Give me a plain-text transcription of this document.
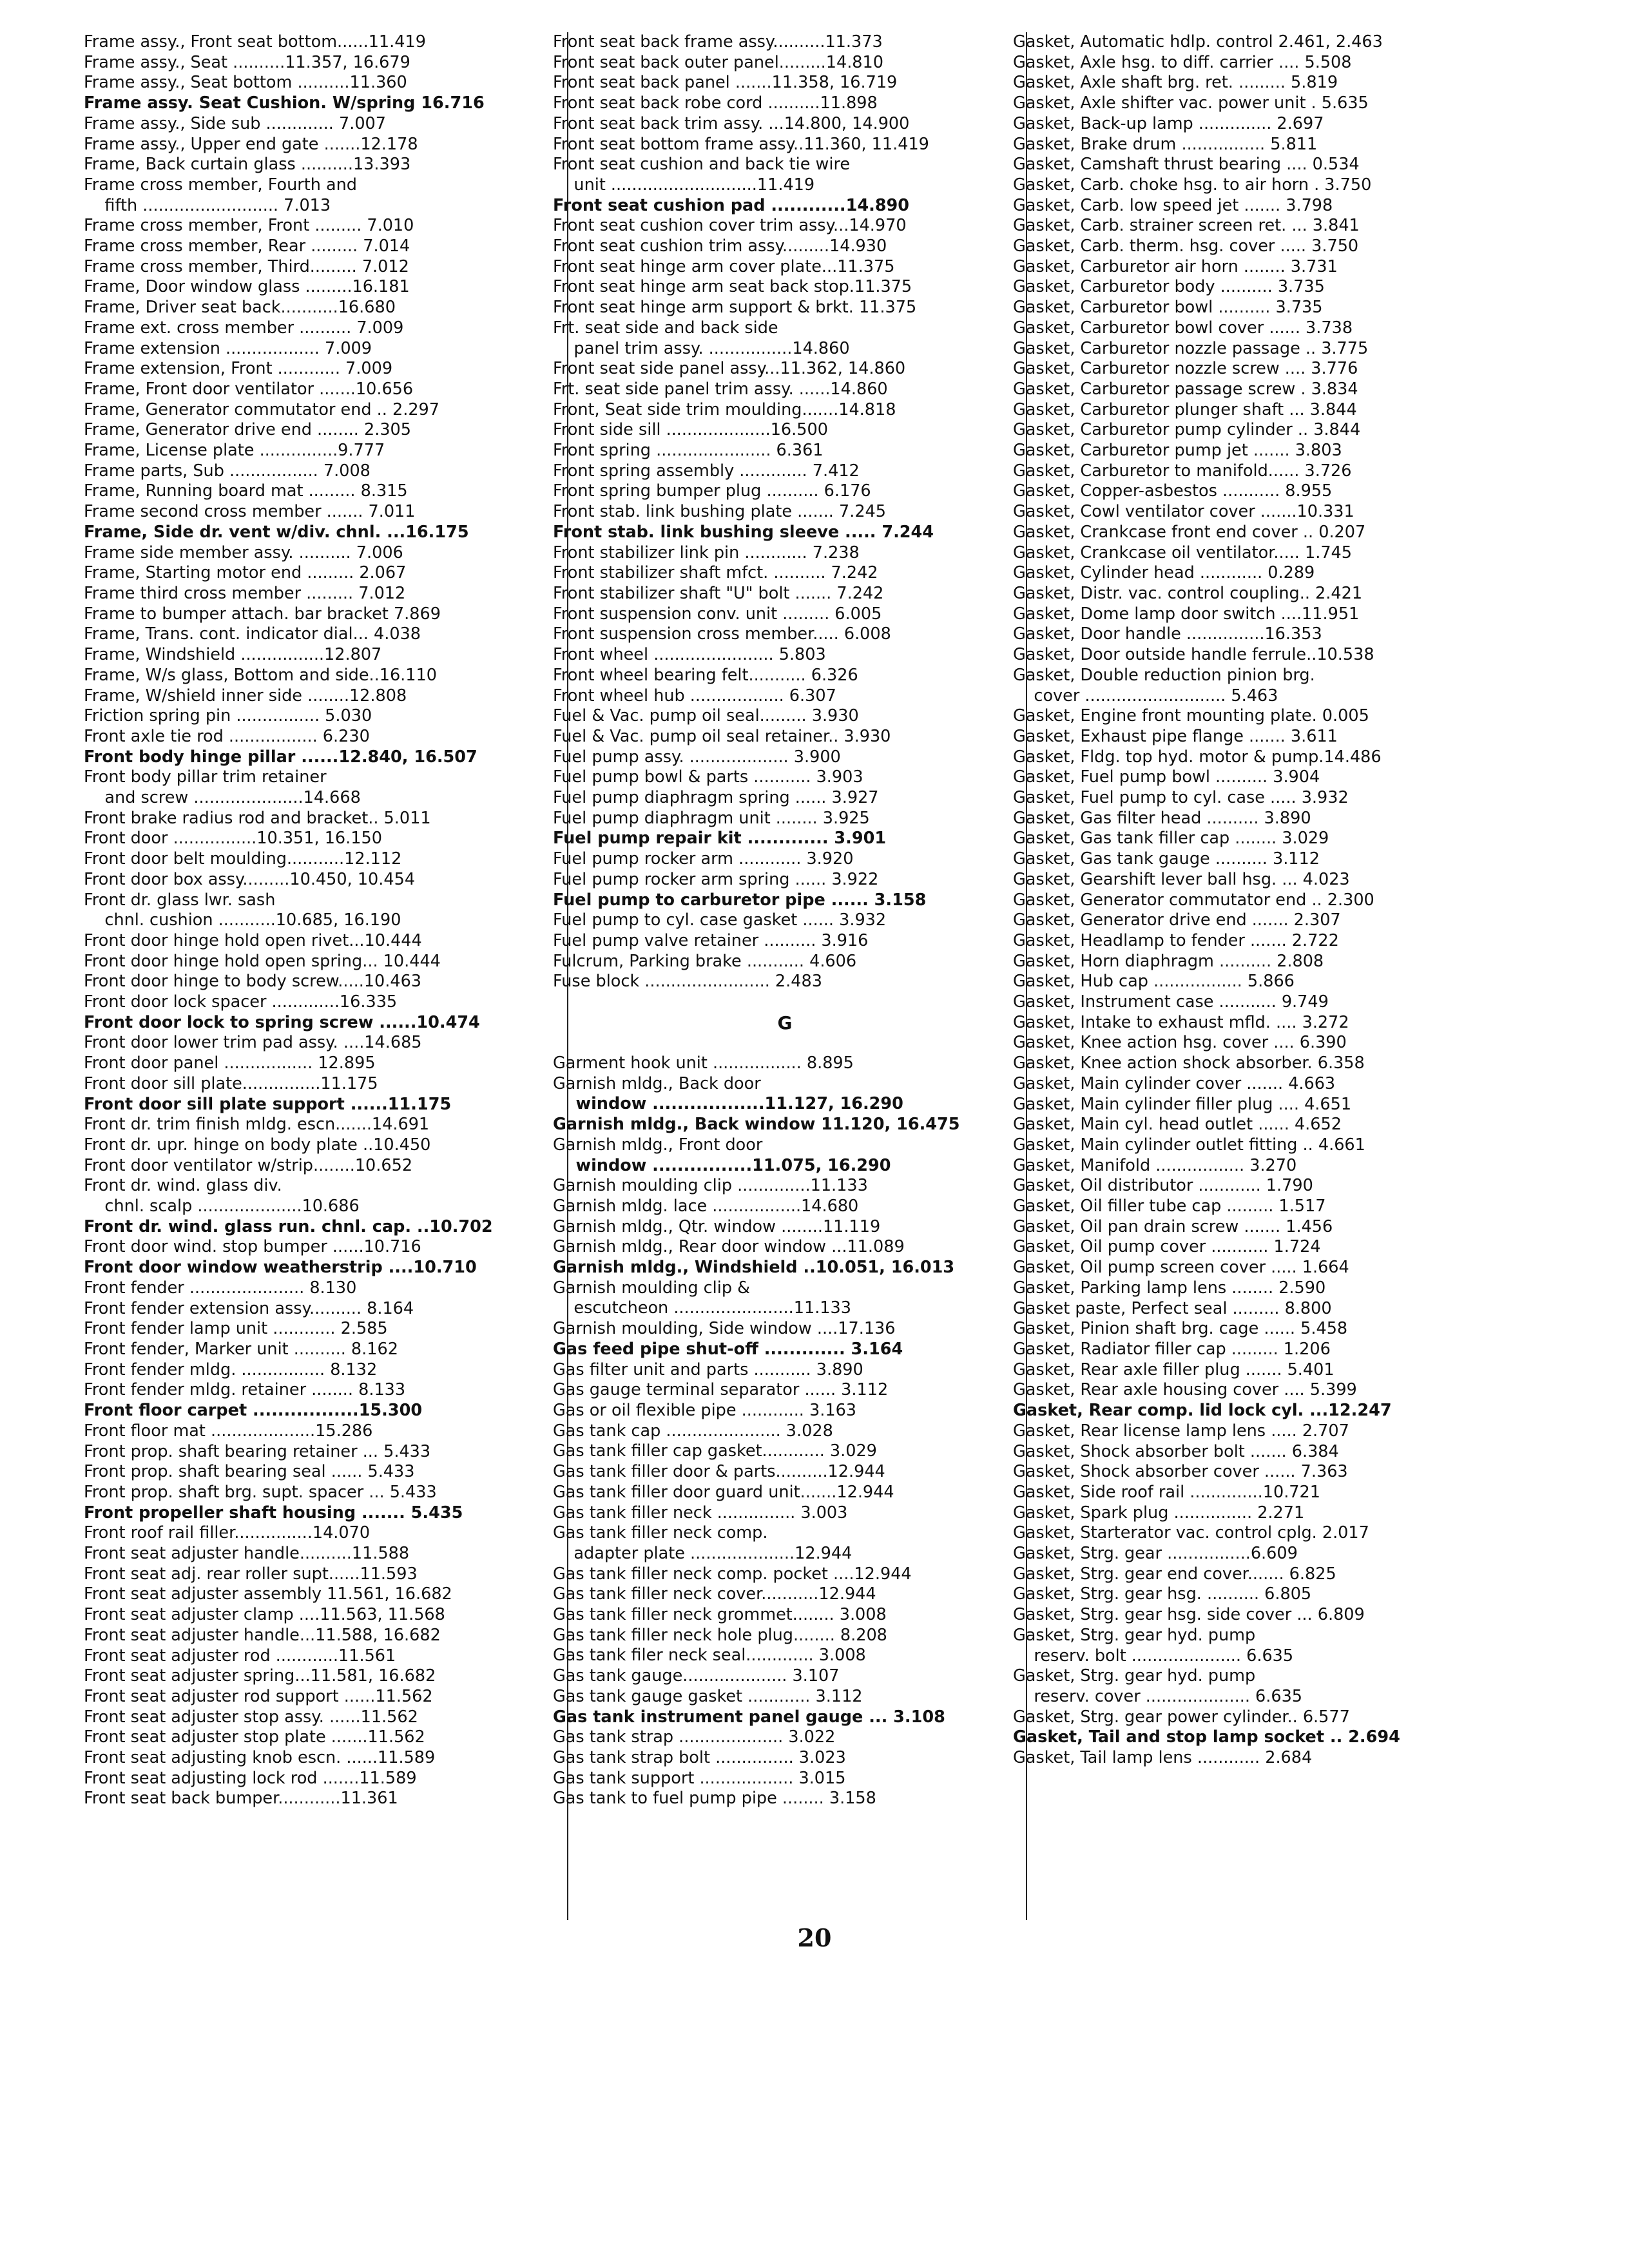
Frame assy., Front seat bottom......11.419
Frame assy., Seat ..........11.357, 16.679
Frame assy., Seat bottom ..........11.360
Frame assy. Seat Cushion. W/spring 16.716
Frame assy., Side sub ............. 7.007
Frame assy., Upper end gate .......12.178
Frame, Back curtain glass ..........13.393
Frame cross member, Fourth and
fifth .......................... 7.013
Frame cross member, Front ......... 7.010
Frame cross member, Rear ......... 7.014
Frame cross member, Third......... 7.012
Frame, Door window glass .........16.181
Frame, Driver seat back...........16.680
Frame ext. cross member .......... 7.009
Frame extension .................. 7.009
Frame extension, Front ............ 7.009
Frame, Front door ventilator .......10.656
Frame, Generator commutator end .. 2.297
Frame, Generator drive end ........ 2.305
Frame, License plate ...............9.777
Frame parts, Sub ................. 7.008
Frame, Running board mat ......... 8.315
Frame second cross member ....... 7.011
Frame, Side dr. vent w/div. chnl. ...16.175
Frame side member assy. .......... 7.006
Frame, Starting motor end ......... 2.067
Frame third cross member ......... 7.012
Frame to bumper attach. bar bracket 7.869
Frame, Trans. cont. indicator dial... 4.038
Frame, Windshield ................12.807
Frame, W/s glass, Bottom and side..16.110
Frame, W/shield inner side ........12.808
Friction spring pin ................ 5.030
Front axle tie rod ................. 6.230
Front body hinge pillar ......12.840, 16.507
Front body pillar trim retainer
and screw .....................14.668
Front brake radius rod and bracket.. 5.011
Front door ................10.351, 16.150
Front door belt moulding...........12.112
Front door box assy.........10.450, 10.454
Front dr. glass lwr. sash
chnl. cushion ...........10.685, 16.190
Front door hinge hold open rivet...10.444
Front door hinge hold open spring... 10.444
Front door hinge to body screw.....10.463
Front door lock spacer .............16.335
Front door lock to spring screw ......10.474
Front door lower trim pad assy. ....14.685
Front door panel ................. 12.895
Front door sill plate...............11.175
Front door sill plate support ......11.175
Front dr. trim finish mldg. escn.......14.691
Front dr. upr. hinge on body plate ..10.450
Front door ventilator w/strip........10.652
Front dr. wind. glass div.
chnl. scalp ....................10.686
Front dr. wind. glass run. chnl. cap. ..10.702
Front door wind. stop bumper ......10.716
Front door window weatherstrip ....10.710
Front fender ...................... 8.130
Front fender extension assy.......... 8.164
Front fender lamp unit ............ 2.585
Front fender, Marker unit .......... 8.162
Front fender mldg. ................ 8.132
Front fender mldg. retainer ........ 8.133
Front floor carpet .................15.300
Front floor mat ....................15.286
Front prop. shaft bearing retainer ... 5.433
Front prop. shaft bearing seal ...... 5.433
Front prop. shaft brg. supt. spacer ... 5.433
Front propeller shaft housing ....... 5.435
Front roof rail filler...............14.070
Front seat adjuster handle..........11.588
Front seat adj. rear roller supt......11.593
Front seat adjuster assembly 11.561, 16.682
Front seat adjuster clamp ....11.563, 11.568
Front seat adjuster handle...11.588, 16.682
Front seat adjuster rod ............11.561
Front seat adjuster spring...11.581, 16.682
Front seat adjuster rod support ......11.562
Front seat adjuster stop assy. ......11.562
Front seat adjuster stop plate .......11.562
Front seat adjusting knob escn. ......11.589
Front seat adjusting lock rod .......11.589
Front seat back bumper............11.361
Front seat back frame assy..........11.373
Front seat back outer panel.........14.810
Front seat back panel .......11.358, 16.719
Front seat back robe cord ..........11.898
Front seat back trim assy. ...14.800, 14.900
Front seat bottom frame assy..11.360, 11.419
Front seat cushion and back tie wire
unit ............................11.419
Front seat cushion pad ............14.890
Front seat cushion cover trim assy...14.970
Front seat cushion trim assy.........14.930
Front seat hinge arm cover plate...11.375
Front seat hinge arm seat back stop.11.375
Front seat hinge arm support & brkt. 11.375
Frt. seat side and back side
panel trim assy. ................14.860
Front seat side panel assy...11.362, 14.860
Frt. seat side panel trim assy. ......14.860
Front, Seat side trim moulding.......14.818
Front side sill ....................16.500
Front spring ...................... 6.361
Front spring assembly ............. 7.412
Front spring bumper plug .......... 6.176
Front stab. link bushing plate ....... 7.245
Front stab. link bushing sleeve ..... 7.244
Front stabilizer link pin ............ 7.238
Front stabilizer shaft mfct. .......... 7.242
Front stabilizer shaft "U" bolt ....... 7.242
Front suspension conv. unit ......... 6.005
Front suspension cross member..... 6.008
Front wheel ....................... 5.803
Front wheel bearing felt........... 6.326
Front wheel hub .................. 6.307
Fuel & Vac. pump oil seal......... 3.930
Fuel & Vac. pump oil seal retainer.. 3.930
Fuel pump assy. ................... 3.900
Fuel pump bowl & parts ........... 3.903
Fuel pump diaphragm spring ...... 3.927
Fuel pump diaphragm unit ........ 3.925
Fuel pump repair kit ............. 3.901
Fuel pump rocker arm ............ 3.920
Fuel pump rocker arm spring ...... 3.922
Fuel pump to carburetor pipe ...... 3.158
Fuel pump to cyl. case gasket ...... 3.932
Fuel pump valve retainer .......... 3.916
Fulcrum, Parking brake ........... 4.606
Fuse block ........................ 2.483
G
Garment hook unit ................. 8.895
Garnish mldg., Back door
window ..................11.127, 16.290
Garnish mldg., Back window 11.120, 16.475
Garnish mldg., Front door
window ................11.075, 16.290
Garnish moulding clip ..............11.133
Garnish mldg. lace .................14.680
Garnish mldg., Qtr. window ........11.119
Garnish mldg., Rear door window ...11.089
Garnish mldg., Windshield ..10.051, 16.013
Garnish moulding clip &
escutcheon .......................11.133
Garnish moulding, Side window ....17.136
Gas feed pipe shut-off ............. 3.164
Gas filter unit and parts ........... 3.890
Gas gauge terminal separator ...... 3.112
Gas or oil flexible pipe ............ 3.163
Gas tank cap ...................... 3.028
Gas tank filler cap gasket............ 3.029
Gas tank filler door & parts..........12.944
Gas tank filler door guard unit.......12.944
Gas tank filler neck ............... 3.003
Gas tank filler neck comp.
adapter plate ....................12.944
Gas tank filler neck comp. pocket ....12.944
Gas tank filler neck cover...........12.944
Gas tank filler neck grommet........ 3.008
Gas tank filler neck hole plug........ 8.208
Gas tank filer neck seal............. 3.008
Gas tank gauge.................... 3.107
Gas tank gauge gasket ............ 3.112
Gas tank instrument panel gauge ... 3.108
Gas tank strap .................... 3.022
Gas tank strap bolt ............... 3.023
Gas tank support .................. 3.015
Gas tank to fuel pump pipe ........ 3.158
Gasket, Automatic hdlp. control 2.461, 2.463
Gasket, Axle hsg. to diff. carrier .... 5.508
Gasket, Axle shaft brg. ret. ......... 5.819
Gasket, Axle shifter vac. power unit . 5.635
Gasket, Back-up lamp .............. 2.697
Gasket, Brake drum ................ 5.811
Gasket, Camshaft thrust bearing .... 0.534
Gasket, Carb. choke hsg. to air horn . 3.750
Gasket, Carb. low speed jet ....... 3.798
Gasket, Carb. strainer screen ret. ... 3.841
Gasket, Carb. therm. hsg. cover ..... 3.750
Gasket, Carburetor air horn ........ 3.731
Gasket, Carburetor body .......... 3.735
Gasket, Carburetor bowl .......... 3.735
Gasket, Carburetor bowl cover ...... 3.738
Gasket, Carburetor nozzle passage .. 3.775
Gasket, Carburetor nozzle screw .... 3.776
Gasket, Carburetor passage screw . 3.834
Gasket, Carburetor plunger shaft ... 3.844
Gasket, Carburetor pump cylinder .. 3.844
Gasket, Carburetor pump jet ....... 3.803
Gasket, Carburetor to manifold...... 3.726
Gasket, Copper-asbestos ........... 8.955
Gasket, Cowl ventilator cover .......10.331
Gasket, Crankcase front end cover .. 0.207
Gasket, Crankcase oil ventilator..... 1.745
Gasket, Cylinder head ............ 0.289
Gasket, Distr. vac. control coupling.. 2.421
Gasket, Dome lamp door switch ....11.951
Gasket, Door handle ...............16.353
Gasket, Door outside handle ferrule..10.538
Gasket, Double reduction pinion brg.
cover ........................... 5.463
Gasket, Engine front mounting plate. 0.005
Gasket, Exhaust pipe flange ....... 3.611
Gasket, Fldg. top hyd. motor & pump.14.486
Gasket, Fuel pump bowl .......... 3.904
Gasket, Fuel pump to cyl. case ..... 3.932
Gasket, Gas filter head .......... 3.890
Gasket, Gas tank filler cap ........ 3.029
Gasket, Gas tank gauge .......... 3.112
Gasket, Gearshift lever ball hsg. ... 4.023
Gasket, Generator commutator end .. 2.300
Gasket, Generator drive end ....... 2.307
Gasket, Headlamp to fender ....... 2.722
Gasket, Horn diaphragm .......... 2.808
Gasket, Hub cap ................. 5.866
Gasket, Instrument case ........... 9.749
Gasket, Intake to exhaust mfld. .... 3.272
Gasket, Knee action hsg. cover .... 6.390
Gasket, Knee action shock absorber. 6.358
Gasket, Main cylinder cover ....... 4.663
Gasket, Main cylinder filler plug .... 4.651
Gasket, Main cyl. head outlet ...... 4.652
Gasket, Main cylinder outlet fitting .. 4.661
Gasket, Manifold ................. 3.270
Gasket, Oil distributor ............ 1.790
Gasket, Oil filler tube cap ......... 1.517
Gasket, Oil pan drain screw ....... 1.456
Gasket, Oil pump cover ........... 1.724
Gasket, Oil pump screen cover ..... 1.664
Gasket, Parking lamp lens ........ 2.590
Gasket paste, Perfect seal ......... 8.800
Gasket, Pinion shaft brg. cage ...... 5.458
Gasket, Radiator filler cap ......... 1.206
Gasket, Rear axle filler plug ....... 5.401
Gasket, Rear axle housing cover .... 5.399
Gasket, Rear comp. lid lock cyl. ...12.247
Gasket, Rear license lamp lens ..... 2.707
Gasket, Shock absorber bolt ....... 6.384
Gasket, Shock absorber cover ...... 7.363
Gasket, Side roof rail ..............10.721
Gasket, Spark plug ............... 2.271
Gasket, Starterator vac. control cplg. 2.017
Gasket, Strg. gear ................6.609
Gasket, Strg. gear end cover....... 6.825
Gasket, Strg. gear hsg. .......... 6.805
Gasket, Strg. gear hsg. side cover ... 6.809
Gasket, Strg. gear hyd. pump
reserv. bolt ..................... 6.635
Gasket, Strg. gear hyd. pump
reserv. cover .................... 6.635
Gasket, Strg. gear power cylinder.. 6.577
Gasket, Tail and stop lamp socket .. 2.694
Gasket, Tail lamp lens ............ 2.684
20
